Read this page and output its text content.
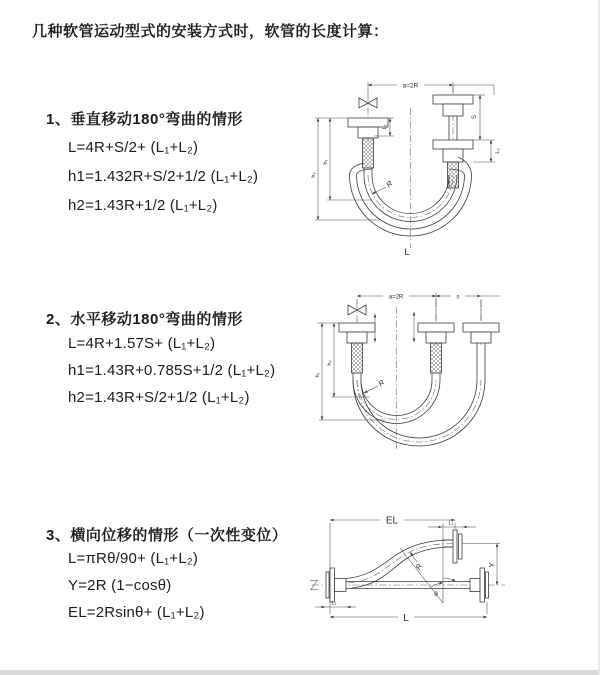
几种软管运动型式的安装方式时，软管的长度计算：
1、垂直移动180°弯曲的情形
L=4R+S/2+ (L₁+L₂)
h1=1.432R+S/2+1/2 (L₁+L₂)
h2=1.43R+1/2 (L₁+L₂)
2、水平移动180°弯曲的情形
L=4R+1.57S+ (L₁+L₂)
h1=1.43R+0.785S+1/2 (L₁+L₂)
h2=1.43R+S/2+1/2 (L₁+L₂)
3、横向位移的情形（一次性变位）
L=πRθ/90+ (L₁+L₂)
Y=2R (1−cosθ)
EL=2Rsinθ+ (L₁+L₂)
a=2R
S
L₂
L₁
h₁
h₂
R
L
a=2R	s
h₂
h₁
R
EL	L₁
Y
R
θ
L
L₁
